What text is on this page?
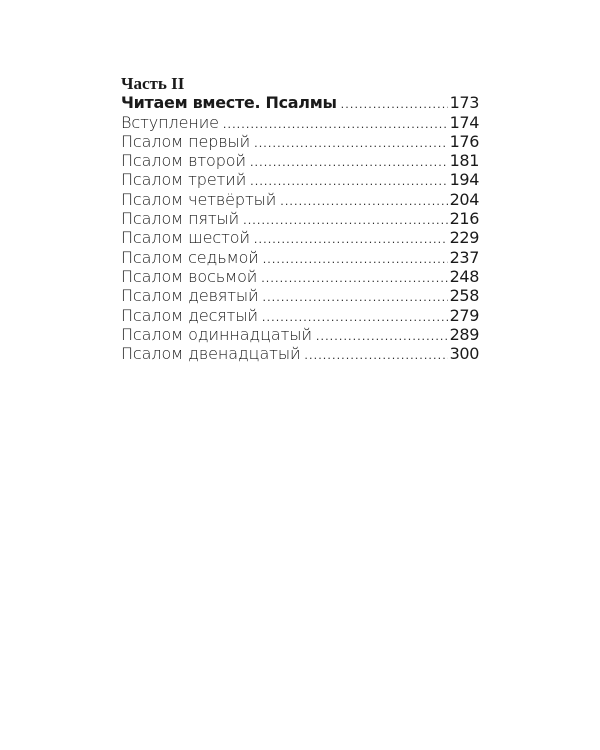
Часть II
Читаем вместе. Псалмы . . .	173
Вступление . . .	174
Псалом первый . . .	176
Псалом второй . . .	181
Псалом третий . . .	194
Псалом четвёртый . . .	204
Псалом пятый . . .	216
Псалом шестой . . .	229
Псалом седьмой . . .	237
Псалом восьмой . . .	248
Псалом девятый . . .	258
Псалом десятый . . .	279
Псалом одиннадцатый . . .	289
Псалом двенадцатый . . .	300
